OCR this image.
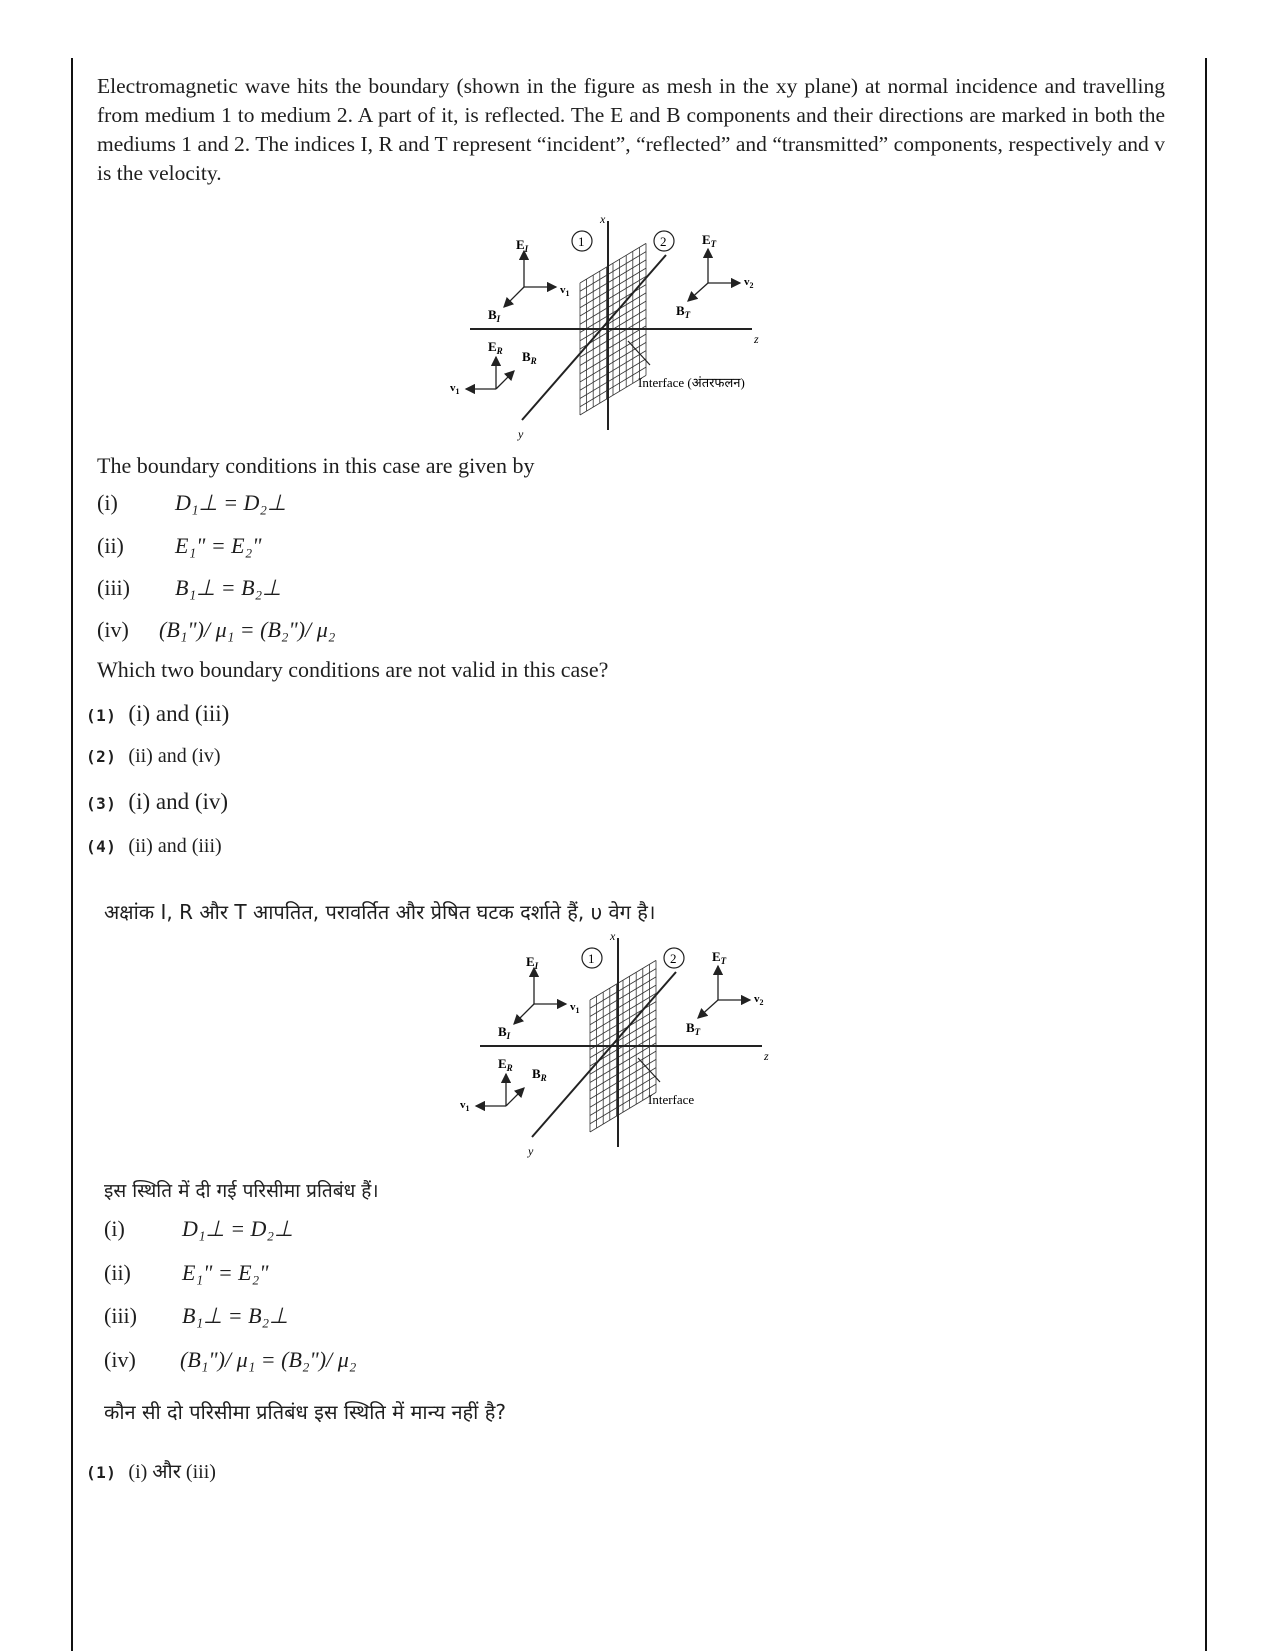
Electromagnetic wave hits the boundary (shown in the figure as mesh in the xy plane) at normal incidence and travelling from medium 1 to medium 2. A part of it, is reflected. The E and B components and their directions are marked in both the mediums 1 and 2. The indices I, R and T represent “incident”, “reflected” and “transmitted” components, respectively and v is the velocity.
x
z
y
1	2
$E_I$
$v_1$
$B_I$
$E_T$
$v_2$
$B_T$
$E_R$ $B_R$
$v_1$
Interface (अंतरफलन)
The boundary conditions in this case are given by
(i)	D₁⊥ = D₂⊥
(ii)	E₁" = E₂"
(iii)	B₁⊥ = B₂⊥
(iv)	(B₁")/ μ₁ = (B₂")/ μ₂
Which two boundary conditions are not valid in this case?
(1) (i) and (iii)
(2) (ii) and (iv)
(3) (i) and (iv)
(4) (ii) and (iii)
अक्षांक I, R और T आपतित, परावर्तित और प्रेषित घटक दर्शाते हैं, υ वेग है।
x
z
y
1	2
$E_I$
$v_1$
$B_I$
$E_T$
$v_2$
$B_T$
$E_R$ $B_R$
$v_1$
Interface
इस स्थिति में दी गई परिसीमा प्रतिबंध हैं।
(i)	D₁⊥ = D₂⊥
(ii)	E₁" = E₂"
(iii)	B₁⊥ = B₂⊥
(iv)	(B₁")/ μ₁ = (B₂")/ μ₂
कौन सी दो परिसीमा प्रतिबंध इस स्थिति में मान्य नहीं है?
(1) (i) और (iii)
